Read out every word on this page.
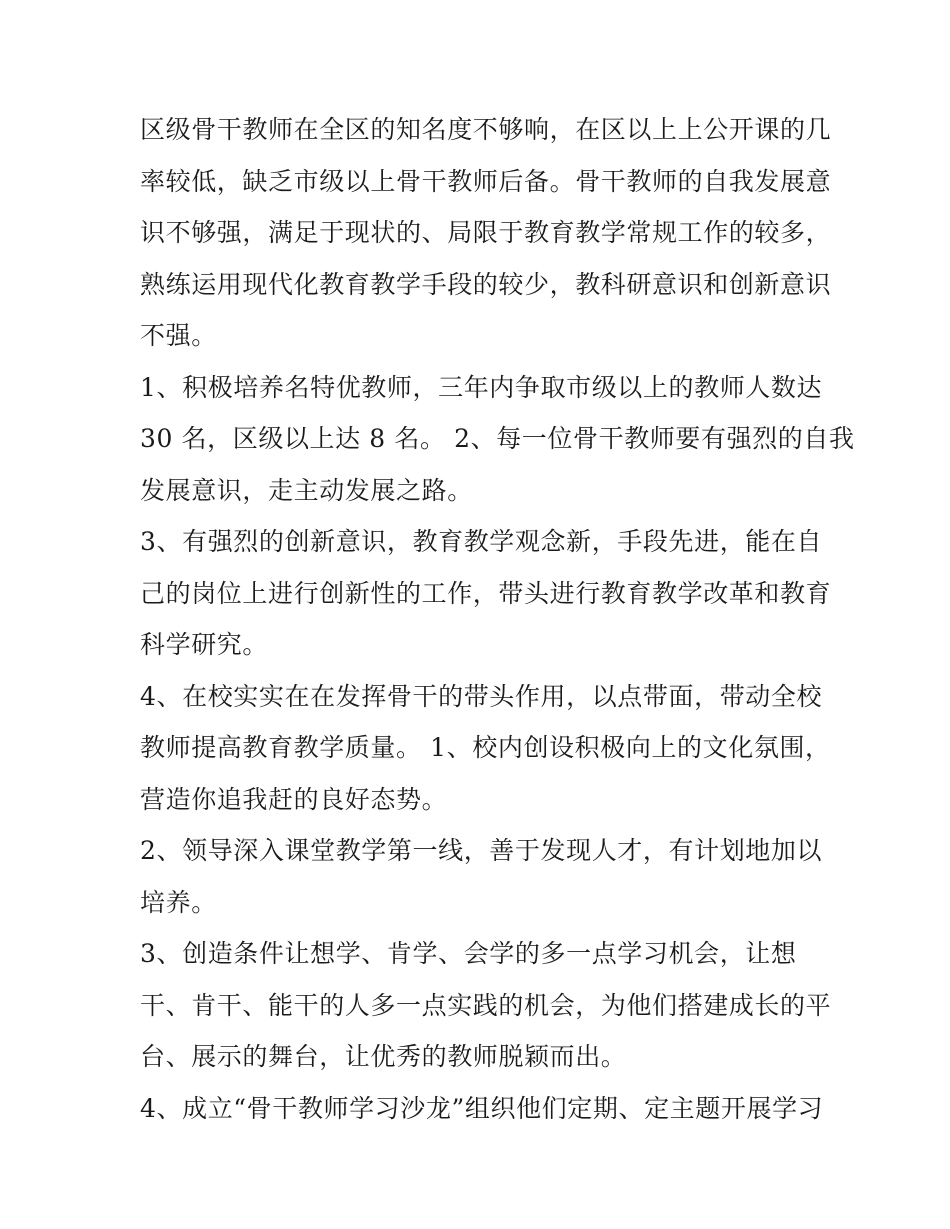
区级骨干教师在全区的知名度不够响，在区以上上公开课的几
率较低，缺乏市级以上骨干教师后备。骨干教师的自我发展意
识不够强，满足于现状的、局限于教育教学常规工作的较多，
熟练运用现代化教育教学手段的较少，教科研意识和创新意识
不强。
1、积极培养名特优教师，三年内争取市级以上的教师人数达
30 名，区级以上达 8 名。 2、每一位骨干教师要有强烈的自我
发展意识，走主动发展之路。
3、有强烈的创新意识，教育教学观念新，手段先进，能在自
己的岗位上进行创新性的工作，带头进行教育教学改革和教育
科学研究。
4、在校实实在在发挥骨干的带头作用，以点带面，带动全校
教师提高教育教学质量。 1、校内创设积极向上的文化氛围，
营造你追我赶的良好态势。
2、领导深入课堂教学第一线，善于发现人才，有计划地加以
培养。
3、创造条件让想学、肯学、会学的多一点学习机会，让想
干、肯干、能干的人多一点实践的机会，为他们搭建成长的平
台、展示的舞台，让优秀的教师脱颖而出。
4、成立“骨干教师学习沙龙”组织他们定期、定主题开展学习
